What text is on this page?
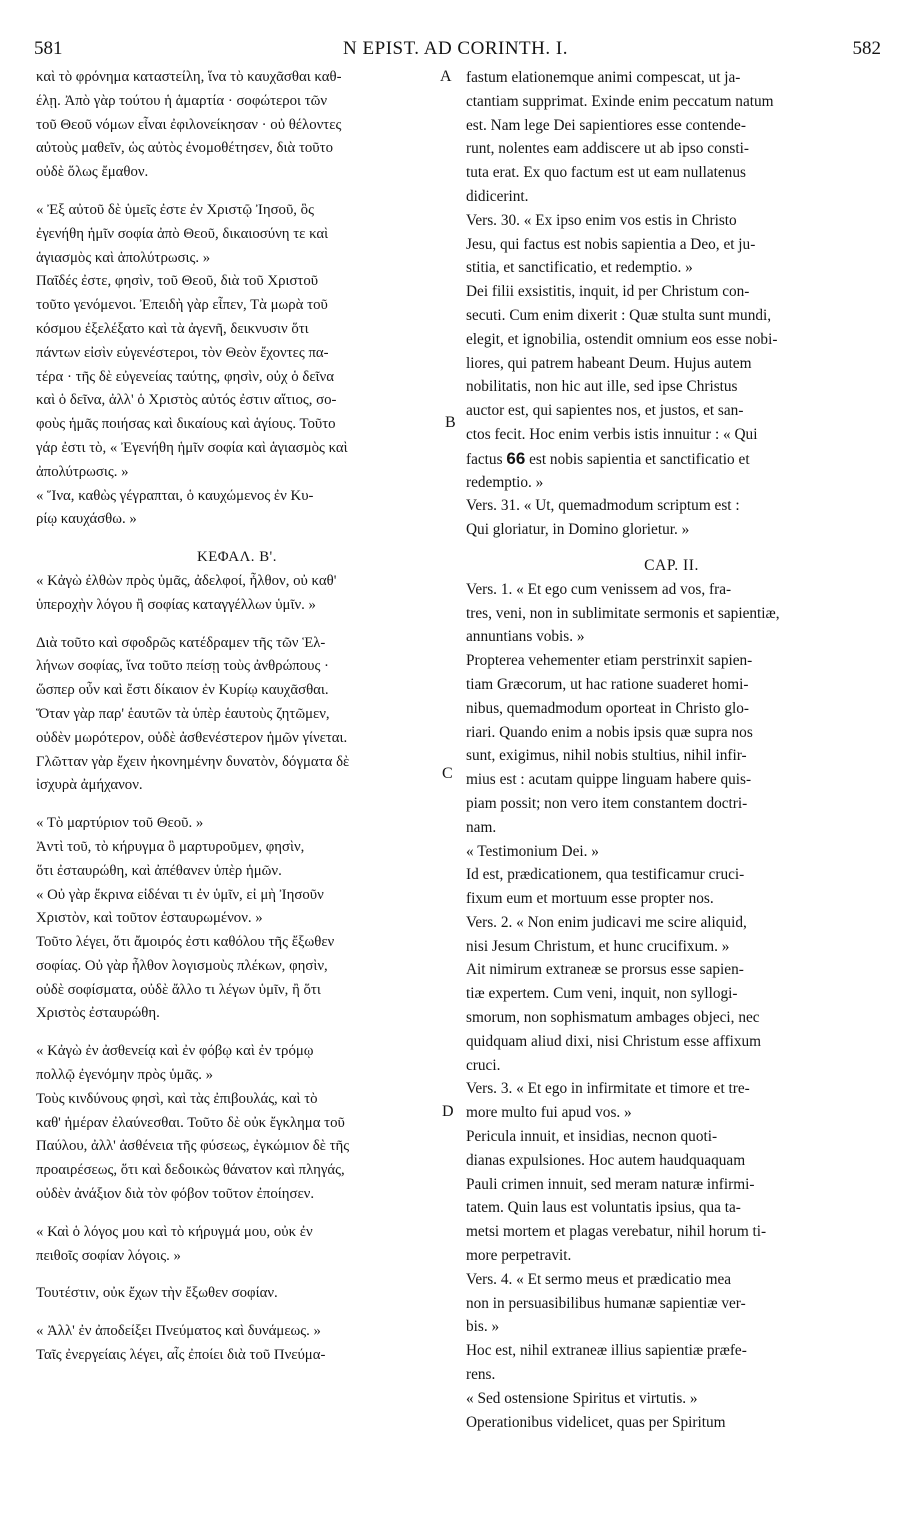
581	N EPIST. AD CORINTH. I.	582
καὶ τὸ φρόνημα καταστείλη, ἵνα τὸ καυχᾶσθαι καθ-
έλῃ. Ἀπὸ γὰρ τούτου ἡ ἁμαρτία · σοφώτεροι τῶν
τοῦ Θεοῦ νόμων εἶναι ἐφιλονείκησαν · οὐ θέλοντες
αὐτοὺς μαθεῖν, ὡς αὐτὸς ἐνομοθέτησεν, διὰ τοῦτο
οὐδὲ ὅλως ἔμαθον.
« Ἐξ αὐτοῦ δὲ ὑμεῖς ἐστε ἐν Χριστῷ Ἰησοῦ, ὃς
ἐγενήθη ἡμῖν σοφία ἀπὸ Θεοῦ, δικαιοσύνη τε καὶ
ἁγιασμὸς καὶ ἀπολύτρωσις. »
Παῖδές ἐστε, φησὶν, τοῦ Θεοῦ, διὰ τοῦ Χριστοῦ
τοῦτο γενόμενοι. Ἐπειδὴ γὰρ εἶπεν, Τὰ μωρὰ τοῦ
κόσμου ἐξελέξατο καὶ τὰ ἀγενῆ, δεικνυσιν ὅτι
πάντων εἰσὶν εὐγενέστεροι, τὸν Θεὸν ἔχοντες πα-
τέρα · τῆς δὲ εὐγενείας ταύτης, φησὶν, οὐχ ὁ δεῖνα
καὶ ὁ δεῖνα, ἀλλ' ὁ Χριστὸς αὐτός ἐστιν αἴτιος, σο-
φοὺς ἡμᾶς ποιήσας καὶ δικαίους καὶ ἁγίους. Τοῦτο
γάρ ἐστι τὸ, « Ἐγενήθη ἡμῖν σοφία καὶ ἁγιασμὸς καὶ
ἀπολύτρωσις. »
« Ἵνα, καθὼς γέγραπται, ὁ καυχώμενος ἐν Κυ-
ρίῳ καυχάσθω. »
ΚΕΦΑΛ. Β'.
« Κἀγὼ ἐλθὼν πρὸς ὑμᾶς, ἀδελφοί, ἦλθον, οὐ καθ'
ὑπεροχὴν λόγου ἢ σοφίας καταγγέλλων ὑμῖν. »
Διὰ τοῦτο καὶ σφοδρῶς κατέδραμεν τῆς τῶν Ἑλ-
λήνων σοφίας, ἵνα τοῦτο πείσῃ τοὺς ἀνθρώπους ·
ὥσπερ οὖν καὶ ἔστι δίκαιον ἐν Κυρίῳ καυχᾶσθαι.
Ὅταν γὰρ παρ' ἑαυτῶν τὰ ὑπὲρ ἑαυτοὺς ζητῶμεν,
οὐδὲν μωρότερον, οὐδὲ ἀσθενέστερον ἡμῶν γίνεται.
Γλῶτταν γὰρ ἔχειν ἠκονημένην δυνατὸν, δόγματα δὲ
ἰσχυρὰ ἀμήχανον.
« Τὸ μαρτύριον τοῦ Θεοῦ. »
Ἀντὶ τοῦ, τὸ κήρυγμα ὃ μαρτυροῦμεν, φησὶν,
ὅτι ἐσταυρώθη, καὶ ἀπέθανεν ὑπὲρ ἡμῶν.
« Οὐ γὰρ ἔκρινα εἰδέναι τι ἐν ὑμῖν, εἰ μὴ Ἰησοῦν
Χριστὸν, καὶ τοῦτον ἐσταυρωμένον. »
Τοῦτο λέγει, ὅτι ἄμοιρός ἐστι καθόλου τῆς ἔξωθεν
σοφίας. Οὐ γὰρ ἦλθον λογισμοὺς πλέκων, φησὶν,
οὐδὲ σοφίσματα, οὐδὲ ἄλλο τι λέγων ὑμῖν, ἢ ὅτι
Χριστὸς ἐσταυρώθη.
« Κἀγὼ ἐν ἀσθενείᾳ καὶ ἐν φόβῳ καὶ ἐν τρόμῳ
πολλῷ ἐγενόμην πρὸς ὑμᾶς. »
Τοὺς κινδύνους φησὶ, καὶ τὰς ἐπιβουλάς, καὶ τὸ
καθ' ἡμέραν ἐλαύνεσθαι. Τοῦτο δὲ οὐκ ἔγκλημα τοῦ
Παύλου, ἀλλ' ἀσθένεια τῆς φύσεως, ἐγκώμιον δὲ τῆς
προαιρέσεως, ὅτι καὶ δεδοικὼς θάνατον καὶ πληγάς,
οὐδὲν ἀνάξιον διὰ τὸν φόβον τοῦτον ἐποίησεν.
« Καὶ ὁ λόγος μου καὶ τὸ κήρυγμά μου, οὐκ ἐν
πειθοῖς σοφίαν λόγοις. »
Τουτέστιν, οὐκ ἔχων τὴν ἔξωθεν σοφίαν.
« Ἀλλ' ἐν ἀποδείξει Πνεύματος καὶ δυνάμεως. »
Ταῖς ἐνεργείαις λέγει, αἷς ἐποίει διὰ τοῦ Πνεύμα-
fastum elationemque animi compescat, ut ja-
ctantiam supprimat. Exinde enim peccatum natum
est. Nam lege Dei sapientiores esse contende-
runt, nolentes eam addiscere ut ab ipso consti-
tuta erat. Ex quo factum est ut eam nullatenus
didicerint.
Vers. 30. « Ex ipso enim vos estis in Christo
Jesu, qui factus est nobis sapientia a Deo, et ju-
stitia, et sanctificatio, et redemptio. »
Dei filii exsistitis, inquit, id per Christum con-
secuti. Cum enim dixerit : Quæ stulta sunt mundi,
elegit, et ignobilia, ostendit omnium eos esse nobi-
liores, qui patrem habeant Deum. Hujus autem
nobilitatis, non hic aut ille, sed ipse Christus
auctor est, qui sapientes nos, et justos, et san-
ctos fecit. Hoc enim verbis istis innuitur : « Qui
factus 66 est nobis sapientia et sanctificatio et
redemptio. »
Vers. 31. « Ut, quemadmodum scriptum est :
Qui gloriatur, in Domino glorietur. »
CAP. II.
Vers. 1. « Et ego cum venissem ad vos, fra-
tres, veni, non in sublimitate sermonis et sapientiæ,
annuntians vobis. »
Propterea vehementer etiam perstrinxit sapien-
tiam Græcorum, ut hac ratione suaderet homi-
nibus, quemadmodum oporteat in Christo glo-
riari. Quando enim a nobis ipsis quæ supra nos
sunt, exigimus, nihil nobis stultius, nihil infir-
mius est : acutam quippe linguam habere quis-
piam possit; non vero item constantem doctri-
nam.
« Testimonium Dei. »
Id est, prædicationem, qua testificamur cruci-
fixum eum et mortuum esse propter nos.
Vers. 2. « Non enim judicavi me scire aliquid,
nisi Jesum Christum, et hunc crucifixum. »
Ait nimirum extraneæ se prorsus esse sapien-
tiæ expertem. Cum veni, inquit, non syllogi-
smorum, non sophismatum ambages objeci, nec
quidquam aliud dixi, nisi Christum esse affixum
cruci.
Vers. 3. « Et ego in infirmitate et timore et tre-
more multo fui apud vos. »
Pericula innuit, et insidias, necnon quoti-
dianas expulsiones. Hoc autem haudquaquam
Pauli crimen innuit, sed meram naturæ infirmi-
tatem. Quin laus est voluntatis ipsius, qua ta-
metsi mortem et plagas verebatur, nihil horum ti-
more perpetravit.
Vers. 4. « Et sermo meus et prædicatio mea
non in persuasibilibus humanæ sapientiæ ver-
bis. »
Hoc est, nihil extraneæ illius sapientiæ præfe-
rens.
« Sed ostensione Spiritus et virtutis. »
Operationibus videlicet, quas per Spiritum
A
B
C
D
